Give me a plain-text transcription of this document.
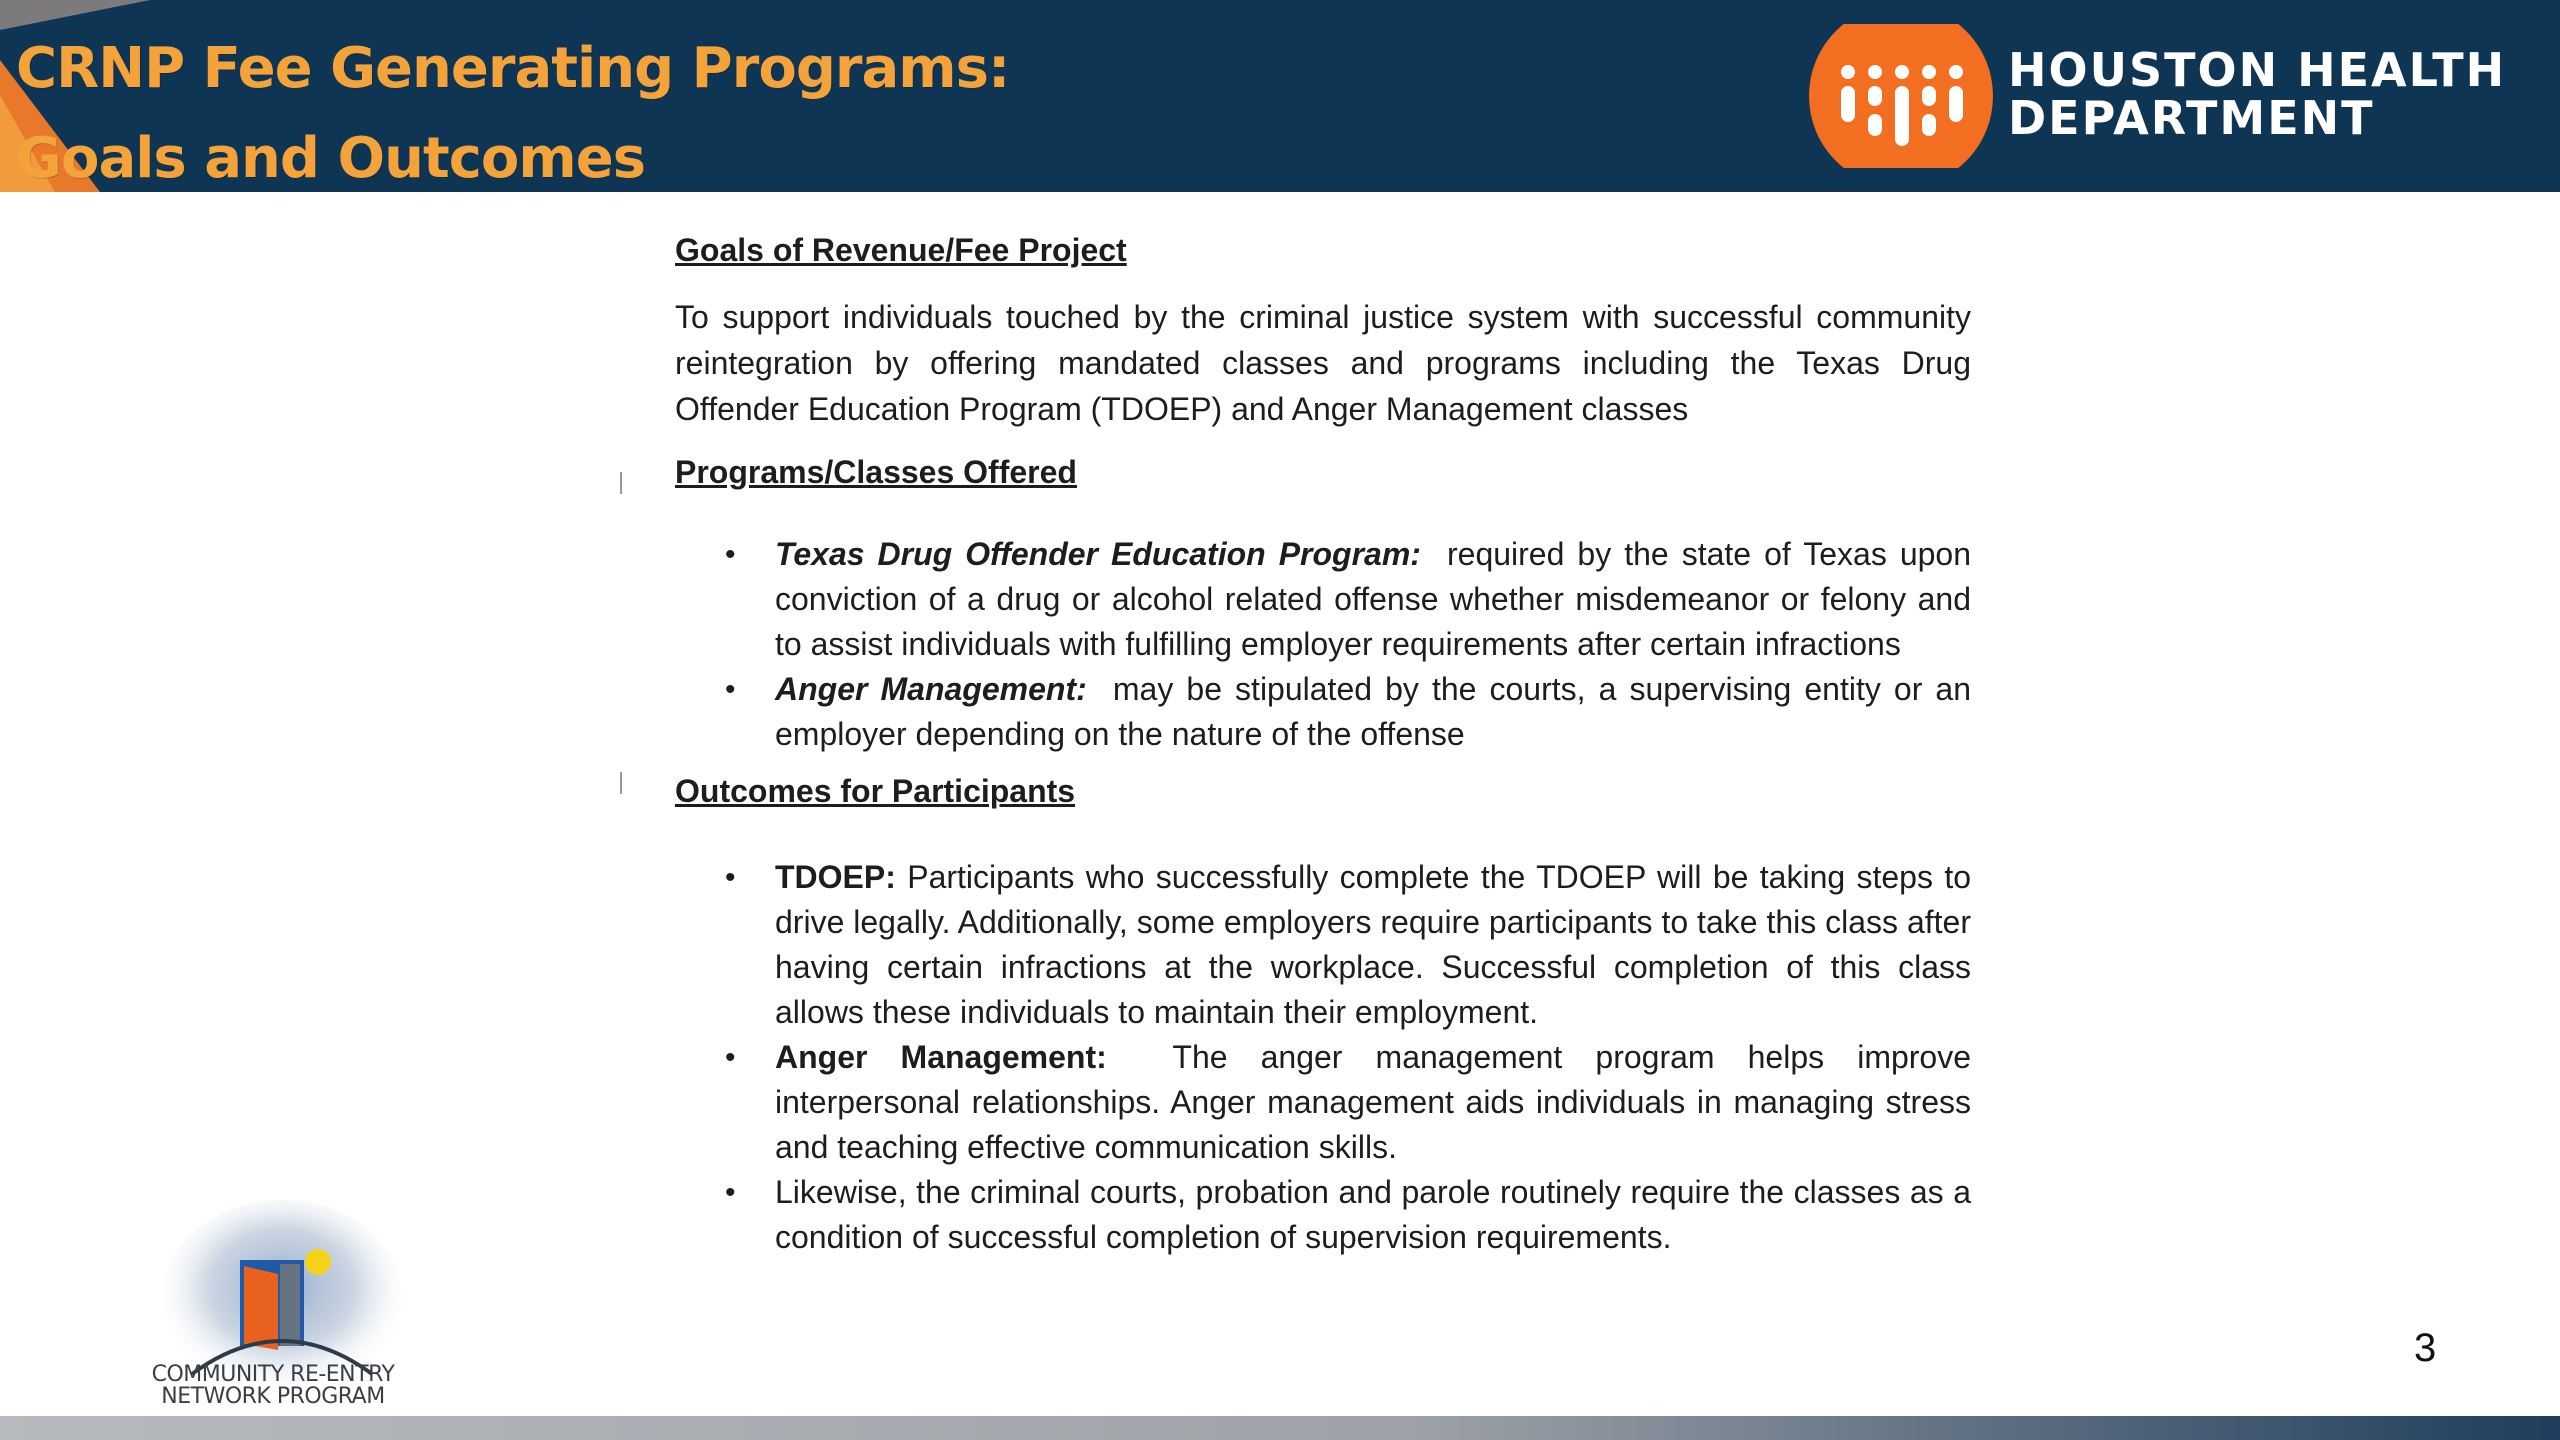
CRNP Fee Generating Programs:
Goals and Outcomes
HOUSTON HEALTH
DEPARTMENT
Goals of Revenue/Fee Project

To support individuals touched by the criminal justice system with successful community reintegration by offering mandated classes and programs including the Texas Drug Offender Education Program (TDOEP) and Anger Management classes

Programs/Classes Offered
• Texas Drug Offender Education Program: required by the state of Texas upon conviction of a drug or alcohol related offense whether misdemeanor or felony and to assist individuals with fulfilling employer requirements after certain infractions
• Anger Management: may be stipulated by the courts, a supervising entity or an employer depending on the nature of the offense
Outcomes for Participants
• TDOEP: Participants who successfully complete the TDOEP will be taking steps to drive legally. Additionally, some employers require participants to take this class after having certain infractions at the workplace. Successful completion of this class allows these individuals to maintain their employment.
• Anger Management: The anger management program helps improve interpersonal relationships. Anger management aids individuals in managing stress and teaching effective communication skills.
• Likewise, the criminal courts, probation and parole routinely require the classes as a condition of successful completion of supervision requirements.
COMMUNITY RE-ENTRY
NETWORK PROGRAM
3
